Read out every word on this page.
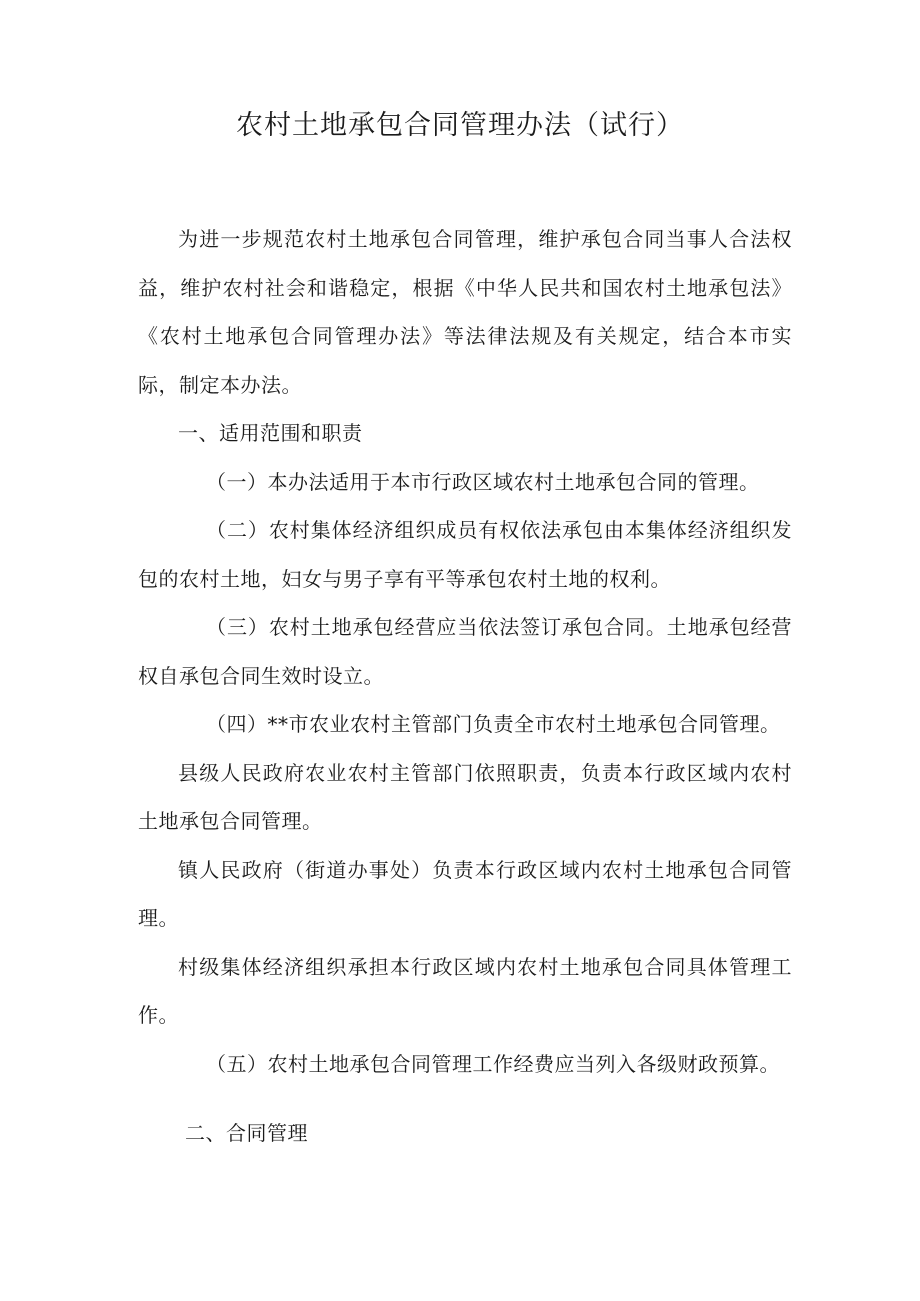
农村土地承包合同管理办法（试行）

为进一步规范农村土地承包合同管理，维护承包合同当事人合法权益，维护农村社会和谐稳定，根据《中华人民共和国农村土地承包法》《农村土地承包合同管理办法》等法律法规及有关规定，结合本市实际，制定本办法。

一、适用范围和职责

（一）本办法适用于本市行政区域农村土地承包合同的管理。

（二）农村集体经济组织成员有权依法承包由本集体经济组织发包的农村土地，妇女与男子享有平等承包农村土地的权利。

（三）农村土地承包经营应当依法签订承包合同。土地承包经营权自承包合同生效时设立。

（四）**市农业农村主管部门负责全市农村土地承包合同管理。

县级人民政府农业农村主管部门依照职责，负责本行政区域内农村土地承包合同管理。

镇人民政府（街道办事处）负责本行政区域内农村土地承包合同管理。

村级集体经济组织承担本行政区域内农村土地承包合同具体管理工作。

（五）农村土地承包合同管理工作经费应当列入各级财政预算。

二、合同管理
